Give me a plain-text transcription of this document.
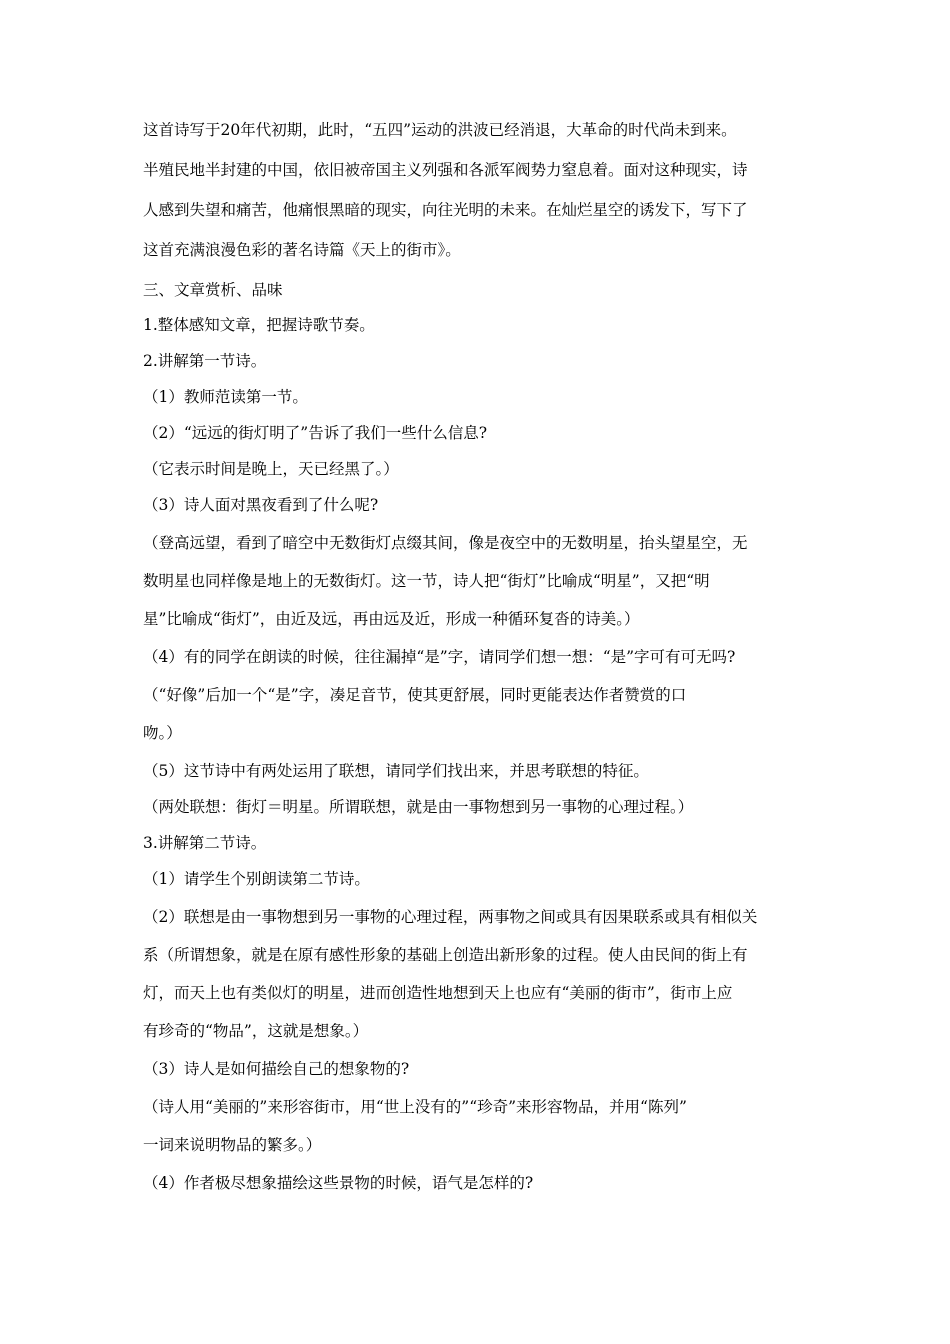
这首诗写于20年代初期，此时，“五四”运动的洪波已经消退，大革命的时代尚未到来。
半殖民地半封建的中国，依旧被帝国主义列强和各派军阀势力窒息着。面对这种现实，诗
人感到失望和痛苦，他痛恨黑暗的现实，向往光明的未来。在灿烂星空的诱发下，写下了
这首充满浪漫色彩的著名诗篇《天上的街市》。
三、文章赏析、品味
1.整体感知文章，把握诗歌节奏。
2.讲解第一节诗。
（1）教师范读第一节。
（2）“远远的街灯明了”告诉了我们一些什么信息?
（它表示时间是晚上，天已经黑了。）
（3）诗人面对黑夜看到了什么呢?
（登高远望，看到了暗空中无数街灯点缀其间，像是夜空中的无数明星，抬头望星空，无
数明星也同样像是地上的无数街灯。这一节，诗人把“街灯”比喻成“明星”，又把“明
星”比喻成“街灯”，由近及远，再由远及近，形成一种循环复沓的诗美。）
（4）有的同学在朗读的时候，往往漏掉“是”字，请同学们想一想：“是”字可有可无吗?
（“好像”后加一个“是”字，凑足音节，使其更舒展，同时更能表达作者赞赏的口
吻。）
（5）这节诗中有两处运用了联想，请同学们找出来，并思考联想的特征。
（两处联想：街灯＝明星。所谓联想，就是由一事物想到另一事物的心理过程。）
3.讲解第二节诗。
（1）请学生个别朗读第二节诗。
（2）联想是由一事物想到另一事物的心理过程，两事物之间或具有因果联系或具有相似关
系（所谓想象，就是在原有感性形象的基础上创造出新形象的过程。使人由民间的街上有
灯，而天上也有类似灯的明星，进而创造性地想到天上也应有“美丽的街市”，街市上应
有珍奇的“物品”，这就是想象。）
（3）诗人是如何描绘自己的想象物的?
（诗人用“美丽的”来形容街市，用“世上没有的”“珍奇”来形容物品，并用“陈列”
一词来说明物品的繁多。）
（4）作者极尽想象描绘这些景物的时候，语气是怎样的?
